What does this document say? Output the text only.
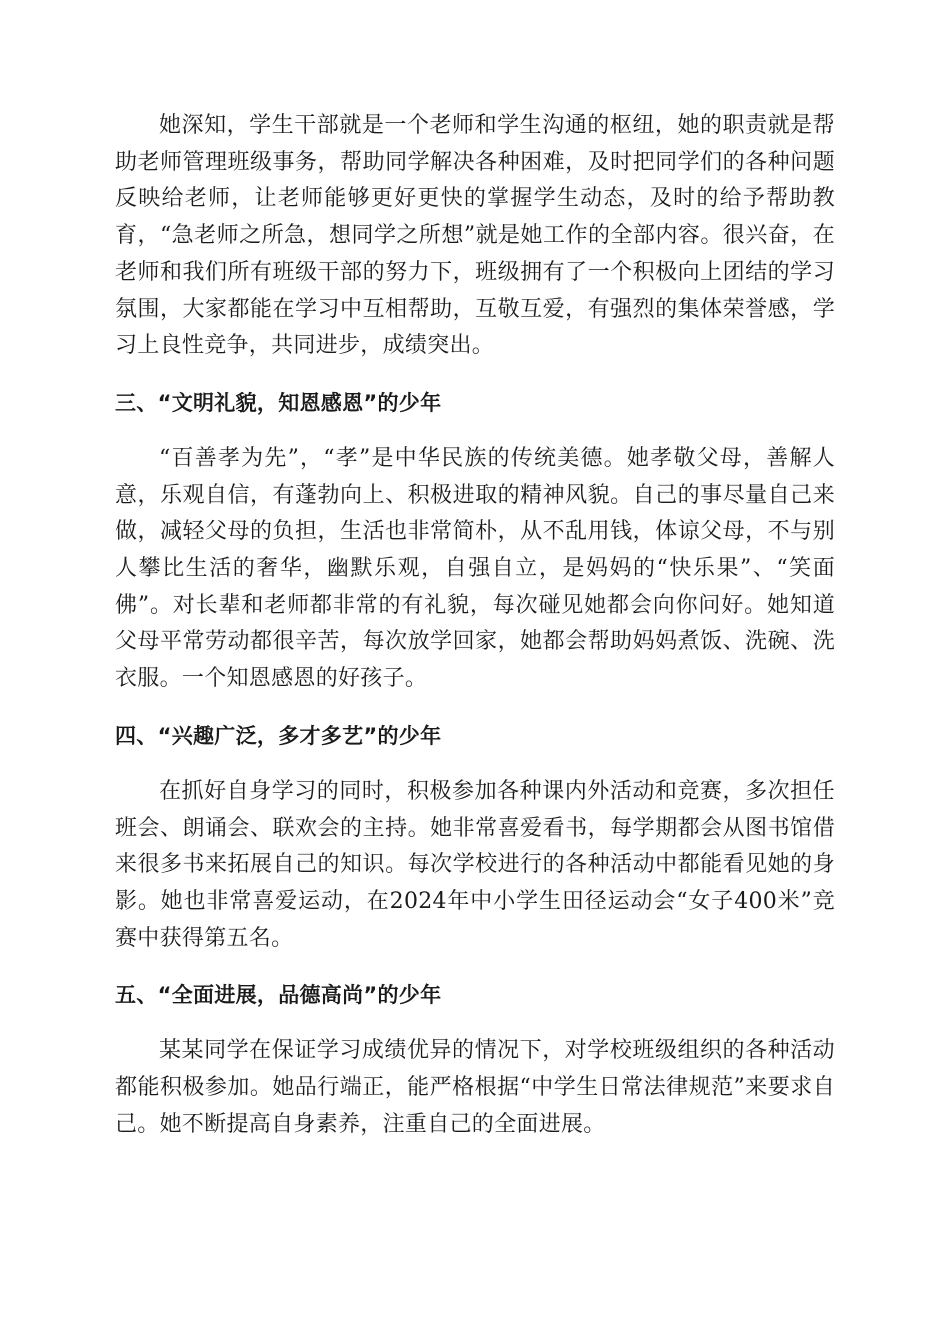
她深知，学生干部就是一个老师和学生沟通的枢纽，她的职责就是帮助老师管理班级事务，帮助同学解决各种困难，及时把同学们的各种问题反映给老师，让老师能够更好更快的掌握学生动态，及时的给予帮助教育，“急老师之所急，想同学之所想”就是她工作的全部内容。很兴奋，在老师和我们所有班级干部的努力下，班级拥有了一个积极向上团结的学习氛围，大家都能在学习中互相帮助，互敬互爱，有强烈的集体荣誉感，学习上良性竞争，共同进步，成绩突出。

三、“文明礼貌，知恩感恩”的少年

“百善孝为先”，“孝”是中华民族的传统美德。她孝敬父母，善解人意，乐观自信，有蓬勃向上、积极进取的精神风貌。自己的事尽量自己来做，减轻父母的负担，生活也非常简朴，从不乱用钱，体谅父母，不与别人攀比生活的奢华，幽默乐观，自强自立，是妈妈的“快乐果”、“笑面佛”。对长辈和老师都非常的有礼貌，每次碰见她都会向你问好。她知道父母平常劳动都很辛苦，每次放学回家，她都会帮助妈妈煮饭、洗碗、洗衣服。一个知恩感恩的好孩子。

四、“兴趣广泛，多才多艺”的少年

在抓好自身学习的同时，积极参加各种课内外活动和竞赛，多次担任班会、朗诵会、联欢会的主持。她非常喜爱看书，每学期都会从图书馆借来很多书来拓展自己的知识。每次学校进行的各种活动中都能看见她的身影。她也非常喜爱运动，在2024年中小学生田径运动会“女子400米”竞赛中获得第五名。

五、“全面进展，品德高尚”的少年

某某同学在保证学习成绩优异的情况下，对学校班级组织的各种活动都能积极参加。她品行端正，能严格根据“中学生日常法律规范”来要求自己。她不断提高自身素养，注重自己的全面进展。
